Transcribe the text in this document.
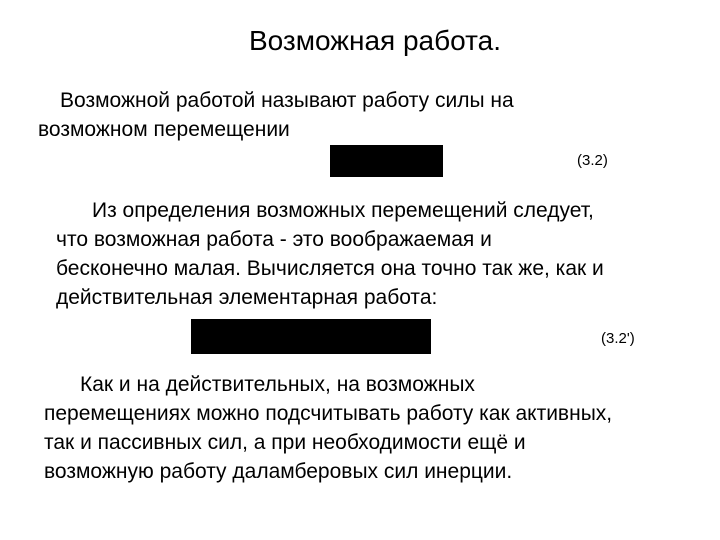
Возможная работа.
Возможной работой называют работу силы на
возможном перемещении
(3.2)
Из определения возможных перемещений следует,
что возможная работа - это воображаемая и
бесконечно малая. Вычисляется она точно так же, как и
действительная элементарная работа:
(3.2')
Как и на действительных, на возможных
перемещениях можно подсчитывать работу как активных,
так и пассивных сил, а при необходимости ещё и
возможную работу даламберовых сил инерции.
